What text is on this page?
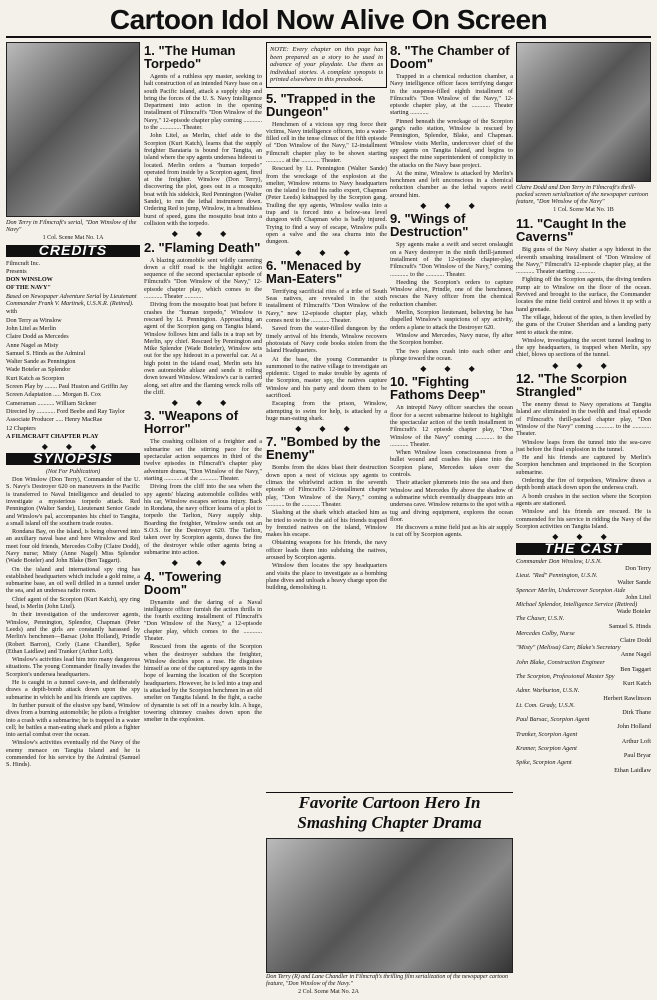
Cartoon Idol Now Alive On Screen
Don Terry in Filmcraft's serial, "Don Winslow of the Navy"
1 Col. Scene Mat No. 1A
CREDITS

Filmcraft Inc.

Presents

DON WINSLOW

OF THE NAVY"

Based on Newspaper Adventure Serial by Lieutenant Commander Frank V. Martinek, U.S.N.R. (Retired).

with

Don Terry as Winslow

John Litel as Merlin

Claire Dodd as Mercedes

Anne Nagel as Misty

Samuel S. Hinds as the Admiral

Walter Sande as Pennington

Wade Boteler as Splendor

Kurt Katch as Scorpion

Screen Play by ........ Paul Huston and Griffin Jay

Screen Adaptation ..... Morgan B. Cox

Cameraman ........... William Sickner

Directed by ............ Ford Beebe and Ray Taylor

Associate Producer ..... Henry MacRae

12 Chapters

A FILMCRAFT CHAPTER PLAY

◆ ◆ ◆
SYNOPSIS

(Not For Publication)

Don Winslow (Don Terry), Commander of the U. S. Navy's Destroyer 620 on maneuvers in the Pacific is transferred to Naval Intelligence and detailed to investigate a mysterious torpedo attack. Red Pennington (Walter Sande), Lieutenant Senior Grade and Winslow's pal, accompanies his chief to Tangita, a small island off the southern trade routes.

Rondana Bay, on the island, is being observed into an auxiliary naval base and here Winslow and Red meet four old friends, Mercedes Colby (Claire Dodd), Navy nurse; Misty (Anne Nagel) Miss Splendor (Wade Boteler) and John Blake (Ben Taggart).

On the island and international spy ring has established headquarters which include a gold mine, a submarine base, an oil well drilled in a tunnel under the sea, and an undersea radio room.

Chief agent of the Scorpion (Kurt Katch), spy ring head, is Merlin (John Litel).

In their investigation of the undercover agents, Winslow, Pennington, Splendor, Chapman (Peter Leeds) and the girls are constantly harassed by Merlin's henchmen—Barsac (John Holland), Prindle (Robert Barron), Corly (Lane Chandler), Spike (Ethan Laidlaw) and Tranker (Arthur Loft).

Winslow's activities lead him into many dangerous situations. The young Commander finally invades the Scorpion's undersea headquarters.

He is caught in a tunnel cave-in, and deliberately draws a depth-bomb attack down upon the spy submarine in which he and his friends are captives.

In further pursuit of the elusive spy band, Winslow dives from a burning automobile; he pilots a freighter into a crash with a submarine; he is trapped in a water cell; he battles a man-eating shark and pilots a fighter into aerial combat over the ocean.

Winslow's activities eventually rid the Navy of the enemy menace on Tangita Island and he is commended for his service by the Admiral (Samuel S. Hinds).

1. "The Human Torpedo"

Agents of a ruthless spy master, seeking to halt construction of an intended Navy base on a south Pacific island, attack a supply ship and bring the forces of the U. S. Navy Intelligence Department into action in the opening installment of Filmcraft's "Don Winslow of the Navy," 12-episode chapter play coming ............ to the .............. Theater.

John Litel, as Merlin, chief aide to the Scorpion (Kurt Katch), learns that the supply freighter Barataria is bound for Tangita, an island where the spy agents undersea hideout is located. Merlin orders a "human torpedo" operated from inside by a Scorpion agent, fired at the freighter. Winslow (Don Terry), discovering the plot, goes out in a mosquito boat with his sidekick, Red Pennington (Walter Sande), to run the lethal instrument down. Ordering Red to jump, Winslow, in a breathless burst of speed, guns the mosquito boat into a collision with the torpedo.

◆ ◆ ◆
2. "Flaming Death"

A blazing automobile sent wildly careening down a cliff road is the highlight action sequence of the second spectacular episode of Filmcraft's "Don Winslow of the Navy," 12-episode chapter play, which comes to the ............ Theater ............

Diving from the mosquito boat just before it crashes the "human torpedo," Winslow is rescued by Lt. Pennington. Approaching an agent of the Scorpion gang on Tangita Island, Winslow follows him and falls in a trap set by Merlin, spy chief. Rescued by Pennington and Mike Splendor (Wade Boteler), Winslow sets out for the spy hideout in a powerful car. At a high point in the island road, Merlin sets his own automobile ablaze and sends it rolling down toward Winslow. Winslow's car is carried along, set afire and the flaming wreck rolls off the cliff.

◆ ◆ ◆
3. "Weapons of Horror"

The crashing collision of a freighter and a submarine set the stirring pace for the spectacular action sequences in third of the twelve episodes in Filmcraft's chapter play adventure drama, "Don Winslow of the Navy," starting ............ at the ............ Theater.

Diving from the cliff into the sea when the spy agents' blazing automobile collides with his car, Winslow escapes serious injury. Back in Rondana, the navy officer learns of a plot to torpedo the Tarlton, Navy supply ship. Boarding the freighter, Winslow sends out an S.O.S. for the Destroyer 620. The Tarlton, taken over by Scorpion agents, draws the fire of the destroyer while other agents bring a submarine into action.

◆ ◆ ◆
4. "Towering Doom"

Dynamite and the daring of a Naval intelligence officer furnish the action thrills in the fourth exciting installment of Filmcraft's "Don Winslow of the Navy," a 12-episode chapter play, which comes to the ............ Theater.

Rescued from the agents of the Scorpion when the destroyer subdues the freighter, Winslow decides upon a ruse. He disguises himself as one of the captured spy agents in the hope of learning the location of the Scorpion headquarters. However, he is led into a trap and is attacked by the Scorpion henchmen in an old smelter on Tangita Island. In the fight, a cache of dynamite is set off in a nearby kiln. A huge, towering chimney crashes down upon the smelter in the explosion.

NOTE: Every chapter on this page has been prepared as a story to be used in advance of your playdate. Use them as individual stories. A complete synopsis is printed elsewhere in this pressbook.

5. "Trapped in the Dungeon"

Henchmen of a vicious spy ring force their victims, Navy intelligence officers, into a water-filled cell in the tense climax of the fifth episode of "Don Winslow of the Navy," 12-installment Filmcraft chapter play to be shown starting ............ at the ............ Theater.

Rescued by Lt. Pennington (Walter Sande) from the wreckage of the explosion at the smelter, Winslow returns to Navy headquarters on the island to find his radio expert, Chapman (Peter Leeds) kidnapped by the Scorpion gang. Trailing the spy agents, Winslow walks into a trap and is forced into a below-sea level dungeon with Chapman who is badly injured. Trying to find a way of escape, Winslow pulls open a valve and the sea churns into the dungeon.

◆ ◆ ◆
6. "Menaced by Man-Eaters"

Terrifying sacrificial rites of a tribe of South Seas natives, are revealed in the sixth installment of Filmcraft's "Don Winslow of the Navy," new 12-episode chapter play, which comes next to the ............ Theater.

Saved from the water-filled dungeon by the timely arrival of his friends, Winslow recovers photostats of Navy code books stolen from the Island Headquarters.

At the base, the young Commander is summoned to the native village to investigate an epidemic. Urged to make trouble by agents of the Scorpion, master spy, the natives capture Winslow and his party and doom them to be sacrificed.

Escaping from the prison, Winslow, attempting to swim for help, is attacked by a huge man-eating shark.

◆ ◆ ◆
7. "Bombed by the Enemy"

Bombs from the skies blast their destruction down upon a nest of vicious spy agents to climax the whirlwind action in the seventh episode of Filmcraft's 12-installment chapter play, "Don Winslow of the Navy," coming ............ to the ............ Theater.

Slashing at the shark which attacked him as he tried to swim to the aid of his friends trapped by frenzied natives on the island, Winslow makes his escape.

Obtaining weapons for his friends, the navy officer leads them into subduing the natives, aroused by Scorpion agents.

Winslow then locates the spy headquarters and visits the place to investigate as a bombing plane dives and unloads a heavy charge upon the building, demolishing it.

8. "The Chamber of Doom"

Trapped in a chemical reduction chamber, a Navy intelligence officer faces terrifying danger in the suspense-filled eighth installment of Filmcraft's "Don Winslow of the Navy," 12-episode chapter play, at the ............ Theater starting ............

Pinned beneath the wreckage of the Scorpion gang's radio station, Winslow is rescued by Pennington, Splendor, Blake, and Chapman. Winslow visits Merlin, undercover chief of the spy agents on Tangita Island, and begins to suspect the mine superintendent of complicity in the attacks on the Navy base project.

At the mine, Winslow is attacked by Merlin's henchmen and left unconscious in a chemical reduction chamber as the lethal vapors swirl around him.

◆ ◆ ◆
9. "Wings of Destruction"

Spy agents make a swift and secret onslaught on a Navy destroyer in the ninth thrill-jammed installment of the 12-episode chapter-play, Filmcraft's "Don Winslow of the Navy," coming ............ to the ............ Theater.

Heeding the Scorpion's orders to capture Winslow alive, Prindle, one of the henchmen, rescues the Navy officer from the chemical reduction chamber.

Merlin, Scorpion lieutenant, believing he has dispelled Winslow's suspicions of spy activity, orders a plane to attack the Destroyer 620.

Winslow and Mercedes, Navy nurse, fly after the Scorpion bomber.

The two planes crash into each other and plunge toward the ocean.

◆ ◆ ◆
10. "Fighting Fathoms Deep"

An intrepid Navy officer searches the ocean floor for a secret submarine hideout to highlight the spectacular action of the tenth installment in Filmcraft's 12 episode chapter play, "Don Winslow of the Navy" coming ............ to the ............ Theater.

When Winslow loses consciousness from a bullet wound and crashes his plane into the Scorpion plane, Mercedes takes over the controls.

Their attacker plummets into the sea and then Winslow and Mercedes fly above the shadow of a submarine which eventually disappears into an undersea cave. Winslow returns to the spot with a tug and diving equipment, explores the ocean floor.

He discovers a mine field just as his air supply is cut off by Scorpion agents.

Claire Dodd and Don Terry in Filmcraft's thrill-packed screen serialization of the newspaper cartoon feature, "Don Winslow of the Navy"
1 Col. Scene Mat No. 1B
11. "Caught In the Caverns"

Big guns of the Navy shatter a spy hideout in the eleventh smashing installment of "Don Winslow of the Navy," Filmcraft's 12-episode chapter play, at the ............ Theater starting ............

Fighting off the Scorpion agents, the diving tenders pump air to Winslow on the floor of the ocean. Revived and brought to the surface, the Commander locates the mine field control and blows it up with a hand grenade.

The village, hideout of the spies, is then levelled by the guns of the Cruiser Sheridan and a landing party sent to attack the mine.

Winslow, investigating the secret tunnel leading to the spy headquarters, is trapped when Merlin, spy chief, blows up sections of the tunnel.

◆ ◆ ◆
12. "The Scorpion Strangled"

The enemy threat to Navy operations at Tangita Island are eliminated in the twelfth and final episode of Filmcraft's thrill-packed chapter play, "Don Winslow of the Navy" coming ............ to the ............ Theater.

Winslow leaps from the tunnel into the sea-cave just before the final explosion in the tunnel.

He and his friends are captured by Merlin's Scorpion henchmen and imprisoned in the Scorpion submarine.

Ordering the fire of torpedoes, Winslow draws a depth bomb attack down upon the undersea craft.

A bomb crushes in the section where the Scorpion agents are stationed.

Winslow and his friends are rescued. He is commended for his service in ridding the Navy of the Scorpion activities on Tangita Island.

◆ ◆ ◆
THE CAST
Commander Don Winslow, U.S.N.
Don Terry
Lieut. "Red" Pennington, U.S.N.
Walter Sande
Spencer Merlin, Undercover Scorpion Aide
John Litel
Michael Splendor, Intelligence Service (Retired)
Wade Boteler
The Chaser, U.S.N.
Samuel S. Hinds
Mercedes Colby, Nurse
Claire Dodd
"Misty" (Melissa) Carr, Blake's Secretary
Anne Nagel
John Blake, Construction Engineer
Ben Taggart
The Scorpion, Professional Master Spy
Kurt Katch
Admr. Warburton, U.S.N.
Herbert Rawlinson
Lt. Com. Grady, U.S.N.
Dirk Thane
Paul Barsac, Scorpion Agent
John Holland
Tranker, Scorpion Agent
Arthur Loft
Kramer, Scorpion Agent
Paul Bryar
Spike, Scorpion Agent
Ethan Laidlaw
Favorite Cartoon Hero In Smashing Chapter Drama
Don Terry (R) and Lane Chandler in Filmcraft's thrilling film serialization of the newspaper cartoon feature, "Don Winslow of the Navy."
2 Col. Scene Mat No. 2A
